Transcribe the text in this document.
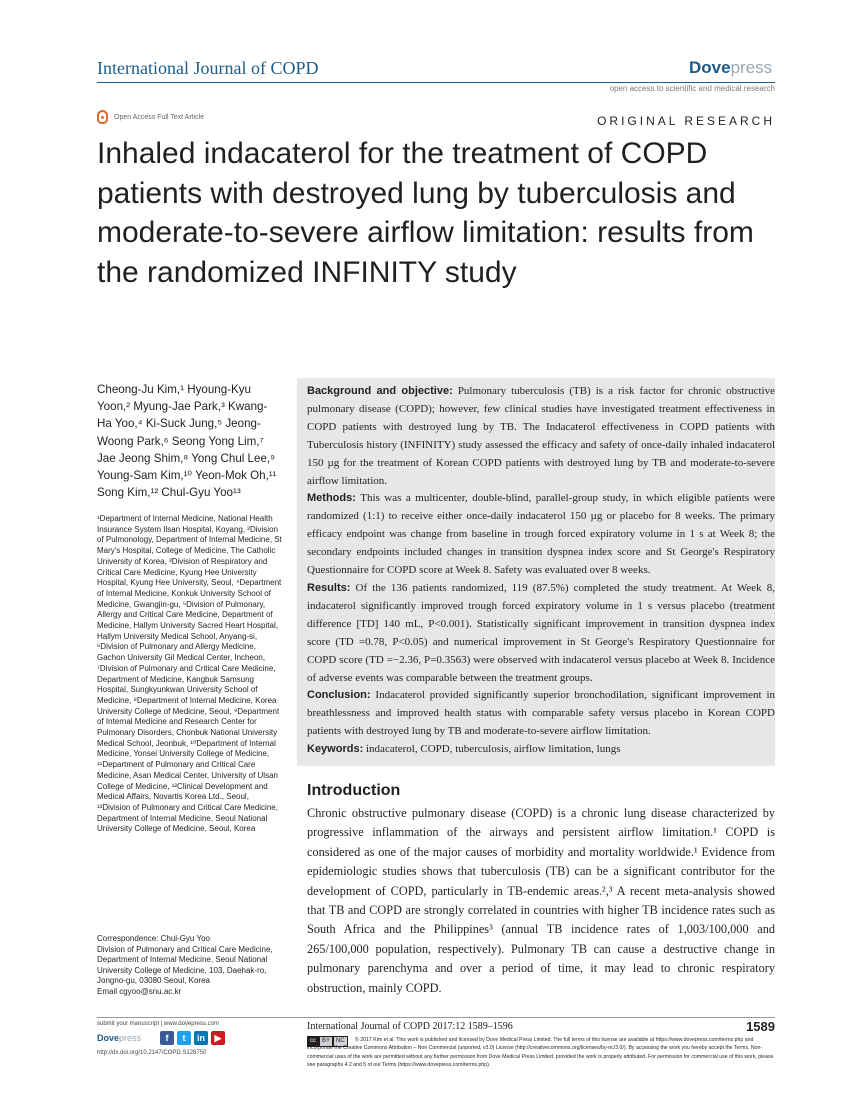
International Journal of COPD	Dovepress
open access to scientific and medical research
Open Access Full Text Article	ORIGINAL RESEARCH
Inhaled indacaterol for the treatment of COPD patients with destroyed lung by tuberculosis and moderate-to-severe airflow limitation: results from the randomized INFINITY study
Cheong-Ju Kim,¹ Hyoung-Kyu Yoon,² Myung-Jae Park,³ Kwang-Ha Yoo,⁴ Ki-Suck Jung,⁵ Jeong-Woong Park,⁶ Seong Yong Lim,⁷ Jae Jeong Shim,⁸ Yong Chul Lee,⁹ Young-Sam Kim,¹⁰ Yeon-Mok Oh,¹¹ Song Kim,¹² Chul-Gyu Yoo¹³
¹Department of Internal Medicine, National Health Insurance System Ilsan Hospital, Koyang, ²Division of Pulmonology, Department of Internal Medicine, St Mary's Hospital, College of Medicine, The Catholic University of Korea, ³Division of Respiratory and Critical Care Medicine, Kyung Hee University Hospital, Kyung Hee University, Seoul, ⁴Department of Internal Medicine, Konkuk University School of Medicine, Gwangjin-gu, ⁵Division of Pulmonary, Allergy and Critical Care Medicine, Department of Medicine, Hallym University Sacred Heart Hospital, Hallym University Medical School, Anyang-si, ⁶Division of Pulmonary and Allergy Medicine, Gachon University Gil Medical Center, Incheon, ⁷Division of Pulmonary and Critical Care Medicine, Department of Medicine, Kangbuk Samsung Hospital, Sungkyunkwan University School of Medicine, ⁸Department of Internal Medicine, Korea University College of Medicine, Seoul, ⁹Department of Internal Medicine and Research Center for Pulmonary Disorders, Chonbuk National University Medical School, Jeonbuk, ¹⁰Department of Internal Medicine, Yonsei University College of Medicine, ¹¹Department of Pulmonary and Critical Care Medicine, Asan Medical Center, University of Ulsan College of Medicine, ¹²Clinical Development and Medical Affairs, Novartis Korea Ltd., Seoul, ¹³Division of Pulmonary and Critical Care Medicine, Department of Internal Medicine, Seoul National University College of Medicine, Seoul, Korea
Correspondence: Chul-Gyu Yoo
Division of Pulmonary and Critical Care Medicine, Department of Internal Medicine, Seoul National University College of Medicine, 103, Daehak-ro, Jongno-gu, 03080 Seoul, Korea
Email cgyoo@snu.ac.kr

Background and objective: Pulmonary tuberculosis (TB) is a risk factor for chronic obstructive pulmonary disease (COPD); however, few clinical studies have investigated treatment effectiveness in COPD patients with destroyed lung by TB. The Indacaterol effectiveness in COPD patients with Tuberculosis history (INFINITY) study assessed the efficacy and safety of once-daily inhaled indacaterol 150 µg for the treatment of Korean COPD patients with destroyed lung by TB and moderate-to-severe airflow limitation.

Methods: This was a multicenter, double-blind, parallel-group study, in which eligible patients were randomized (1:1) to receive either once-daily indacaterol 150 µg or placebo for 8 weeks. The primary efficacy endpoint was change from baseline in trough forced expiratory volume in 1 s at Week 8; the secondary endpoints included changes in transition dyspnea index score and St George's Respiratory Questionnaire for COPD score at Week 8. Safety was evaluated over 8 weeks.

Results: Of the 136 patients randomized, 119 (87.5%) completed the study treatment. At Week 8, indacaterol significantly improved trough forced expiratory volume in 1 s versus placebo (treatment difference [TD] 140 mL, P<0.001). Statistically significant improvement in transition dyspnea index score (TD =0.78, P<0.05) and numerical improvement in St George's Respiratory Questionnaire for COPD score (TD =−2.36, P=0.3563) were observed with indacaterol versus placebo at Week 8. Incidence of adverse events was comparable between the treatment groups.

Conclusion: Indacaterol provided significantly superior bronchodilation, significant improvement in breathlessness and improved health status with comparable safety versus placebo in Korean COPD patients with destroyed lung by TB and moderate-to-severe airflow limitation.

Keywords: indacaterol, COPD, tuberculosis, airflow limitation, lungs

Introduction

Chronic obstructive pulmonary disease (COPD) is a chronic lung disease characterized by progressive inflammation of the airways and persistent airflow limitation.¹ COPD is considered as one of the major causes of morbidity and mortality worldwide.¹ Evidence from epidemiologic studies shows that tuberculosis (TB) can be a significant contributor for the development of COPD, particularly in TB-endemic areas.²,³ A recent meta-analysis showed that TB and COPD are strongly correlated in countries with higher TB incidence rates such as South Africa and the Philippines³ (annual TB incidence rates of 1,003/100,000 and 265/100,000 population, respectively). Pulmonary TB can cause a destructive change in pulmonary parenchyma and over a period of time, it may lead to chronic respiratory obstruction, mainly COPD.

submit your manuscript | www.dovepress.com
Dovepress	f	t	in	▶
http://dx.doi.org/10.2147/COPD.S128750
International Journal of COPD 2017:12 1589–1596	1589
cc	BY	NC	© 2017 Kim et al. This work is published and licensed by Dove Medical Press Limited. The full terms of this license are available at https://www.dovepress.com/terms.php and incorporate the Creative Commons Attribution – Non Commercial (unported, v3.0) License (http://creativecommons.org/licenses/by-nc/3.0/). By accessing the work you hereby accept the Terms. Non-commercial uses of the work are permitted without any further permission from Dove Medical Press Limited, provided the work is properly attributed. For permission for commercial use of this work, please see paragraphs 4.2 and 5 of our Terms (https://www.dovepress.com/terms.php).
